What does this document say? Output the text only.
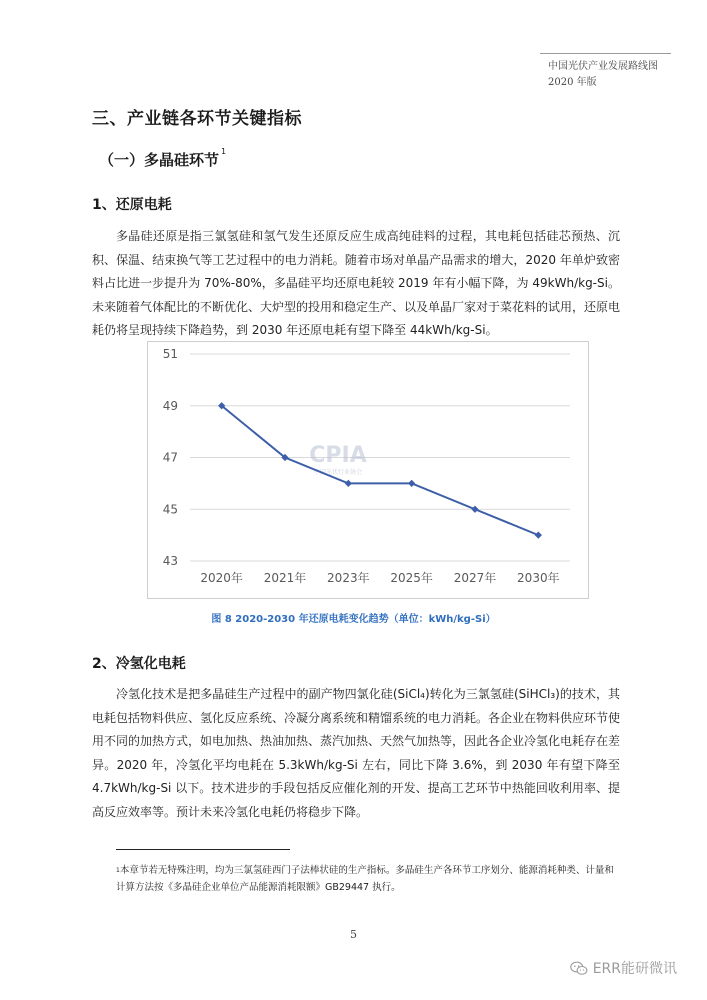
中国光伏产业发展路线图
2020 年版
三、产业链各环节关键指标
（一）多晶硅环节 $^1$
1、还原电耗

多晶硅还原是指三氯氢硅和氢气发生还原反应生成高纯硅料的过程，其电耗包括硅芯预热、沉积、保温、结束换气等工艺过程中的电力消耗。随着市场对单晶产品需求的增大，2020 年单炉致密料占比进一步提升为 70%-80%，多晶硅平均还原电耗较 2019 年有小幅下降，为 49kWh/kg-Si。未来随着气体配比的不断优化、大炉型的投用和稳定生产、以及单晶厂家对于菜花料的试用，还原电耗仍将呈现持续下降趋势，到 2030 年还原电耗有望下降至 44kWh/kg-Si。

43
45
47
49
51
CPIA
中国光伏行业协会
2020年 2021年 2023年 2025年 2027年 2030年
图 8 2020-2030 年还原电耗变化趋势（单位：kWh/kg-Si）
2、冷氢化电耗

冷氢化技术是把多晶硅生产过程中的副产物四氯化硅(SiCl₄)转化为三氯氢硅(SiHCl₃)的技术，其电耗包括物料供应、氢化反应系统、冷凝分离系统和精馏系统的电力消耗。各企业在物料供应环节使用不同的加热方式，如电加热、热油加热、蒸汽加热、天然气加热等，因此各企业冷氢化电耗存在差异。2020 年，冷氢化平均电耗在 5.3kWh/kg-Si 左右，同比下降 3.6%，到 2030 年有望下降至 4.7kWh/kg-Si 以下。技术进步的手段包括反应催化剂的开发、提高工艺环节中热能回收利用率、提高反应效率等。预计未来冷氢化电耗仍将稳步下降。

$^1$本章节若无特殊注明，均为三氯氢硅西门子法棒状硅的生产指标。多晶硅生产各环节工序划分、能源消耗种类、计量和计算方法按《多晶硅企业单位产品能源消耗限额》GB29447 执行。
5
ERR能研微讯
